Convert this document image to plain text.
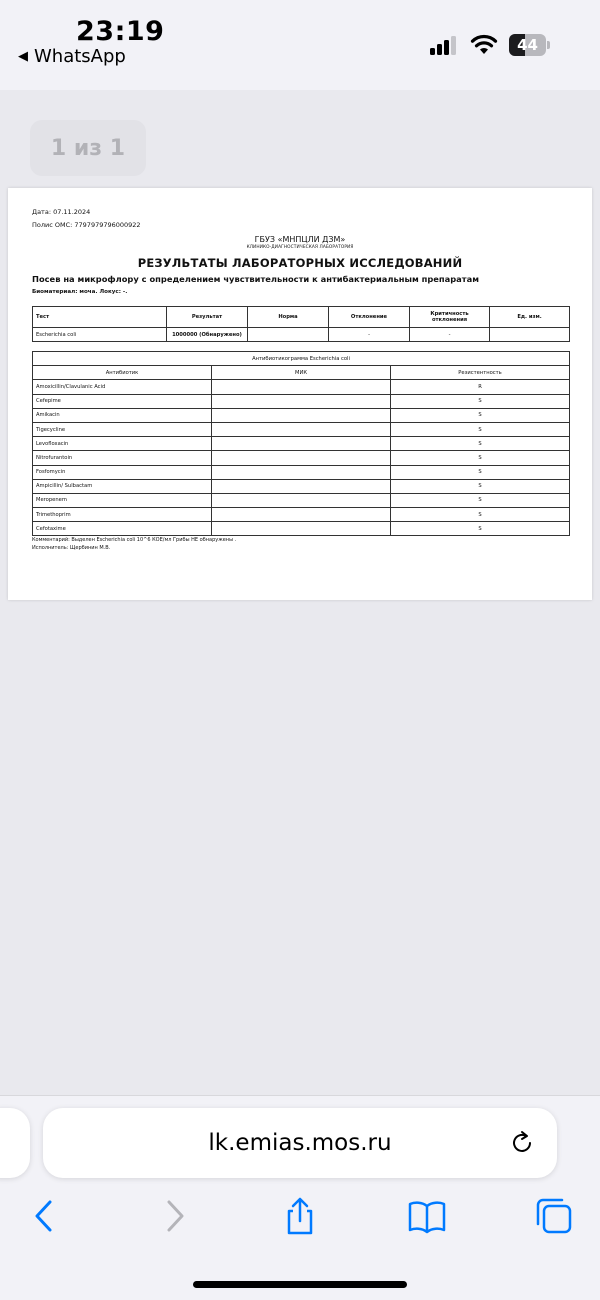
23:19
◀ WhatsApp
44
1 из 1
Дата: 07.11.2024
Полис ОМС: 7797979796000922
ГБУЗ «МНПЦЛИ ДЗМ»
КЛИНИКО-ДИАГНОСТИЧЕСКАЯ ЛАБОРАТОРИЯ
РЕЗУЛЬТАТЫ ЛАБОРАТОРНЫХ ИССЛЕДОВАНИЙ
Посев на микрофлору с определением чувствительности к антибактериальным препаратам
Биоматериал: моча. Локус: -.
Тест	Результат	Норма	Отклонение	Критичность отклонения	Ед. изм.
Escherichia coli	1000000 (Обнаружено)		-	-	
Антибиотикограмма Escherichia coli		
Антибиотик	МИК	Резистентность
Amoxicillin/Clavulanic Acid		R
Cefepime		S
Amikacin		S
Tigecycline		S
Levofloxacin		S
Nitrofurantoin		S
Fosfomycin		S
Ampicillin/ Sulbactam		S
Meropenem		S
Trimethoprim		S
Cefotaxime		S
Комментарий: Выделен Escherichia coli 10^6 КОЕ/мл Грибы НЕ обнаружены .
Исполнитель: Щербинин М.В.
lk.emias.mos.ru
